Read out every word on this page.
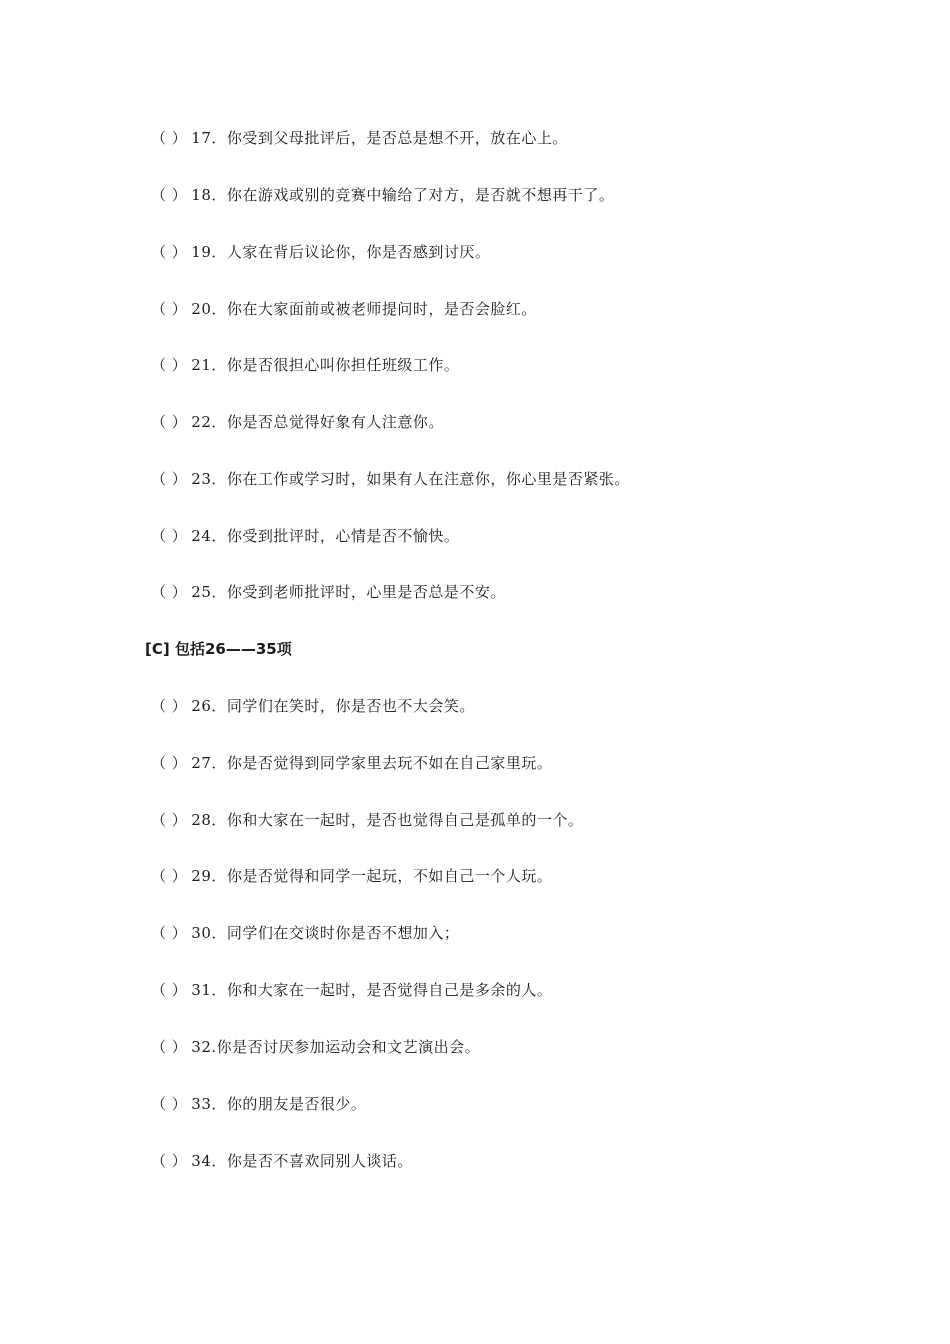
（ ） 17．你受到父母批评后，是否总是想不开，放在心上。
（ ） 18．你在游戏或别的竞赛中输给了对方，是否就不想再干了。
（ ） 19．人家在背后议论你，你是否感到讨厌。
（ ） 20．你在大家面前或被老师提问时，是否会脸红。
（ ） 21．你是否很担心叫你担任班级工作。
（ ） 22．你是否总觉得好象有人注意你。
（ ） 23．你在工作或学习时，如果有人在注意你，你心里是否紧张。
（ ） 24．你受到批评时，心情是否不愉快。
（ ） 25．你受到老师批评时，心里是否总是不安。
[C] 包括26——35项
（ ） 26．同学们在笑时，你是否也不大会笑。
（ ） 27．你是否觉得到同学家里去玩不如在自己家里玩。
（ ） 28．你和大家在一起时，是否也觉得自己是孤单的一个。
（ ） 29．你是否觉得和同学一起玩，不如自己一个人玩。
（ ） 30．同学们在交谈时你是否不想加入；
（ ） 31．你和大家在一起时，是否觉得自己是多余的人。
（ ） 32.你是否讨厌参加运动会和文艺演出会。
（ ） 33．你的朋友是否很少。
（ ） 34．你是否不喜欢同别人谈话。
